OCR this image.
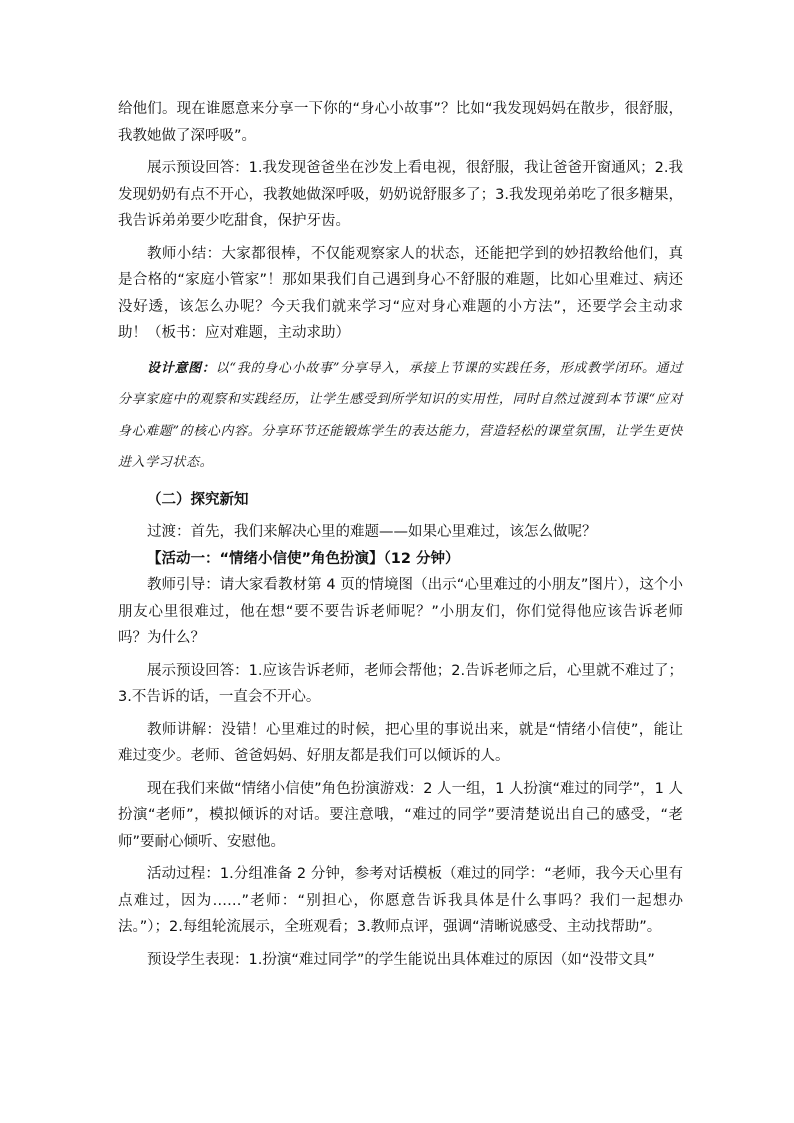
给他们。现在谁愿意来分享一下你的“身心小故事”？比如“我发现妈妈在散步，很舒服，我教她做了深呼吸”。

展示预设回答：1.我发现爸爸坐在沙发上看电视，很舒服，我让爸爸开窗通风；2.我发现奶奶有点不开心，我教她做深呼吸，奶奶说舒服多了；3.我发现弟弟吃了很多糖果，我告诉弟弟要少吃甜食，保护牙齿。

教师小结：大家都很棒，不仅能观察家人的状态，还能把学到的妙招教给他们，真是合格的“家庭小管家”！那如果我们自己遇到身心不舒服的难题，比如心里难过、病还没好透，该怎么办呢？今天我们就来学习“应对身心难题的小方法”，还要学会主动求助！（板书：应对难题，主动求助）

设计意图：以“我的身心小故事”分享导入，承接上节课的实践任务，形成教学闭环。通过分享家庭中的观察和实践经历，让学生感受到所学知识的实用性，同时自然过渡到本节课“应对身心难题”的核心内容。分享环节还能锻炼学生的表达能力，营造轻松的课堂氛围，让学生更快进入学习状态。

（二）探究新知

过渡：首先，我们来解决心里的难题——如果心里难过，该怎么做呢？

【活动一：“情绪小信使”角色扮演】（12 分钟）

教师引导：请大家看教材第 4 页的情境图（出示“心里难过的小朋友”图片），这个小朋友心里很难过，他在想“要不要告诉老师呢？”小朋友们，你们觉得他应该告诉老师吗？为什么？

展示预设回答：1.应该告诉老师，老师会帮他；2.告诉老师之后，心里就不难过了；3.不告诉的话，一直会不开心。

教师讲解：没错！心里难过的时候，把心里的事说出来，就是“情绪小信使”，能让难过变少。老师、爸爸妈妈、好朋友都是我们可以倾诉的人。

现在我们来做“情绪小信使”角色扮演游戏：2 人一组，1 人扮演“难过的同学”，1 人扮演“老师”，模拟倾诉的对话。要注意哦，“难过的同学”要清楚说出自己的感受，“老师”要耐心倾听、安慰他。

活动过程：1.分组准备 2 分钟，参考对话模板（难过的同学：“老师，我今天心里有点难过，因为……”老师：“别担心，你愿意告诉我具体是什么事吗？我们一起想办法。”）；2.每组轮流展示，全班观看；3.教师点评，强调“清晰说感受、主动找帮助”。

预设学生表现：1.扮演“难过同学”的学生能说出具体难过的原因（如“没带文具”
